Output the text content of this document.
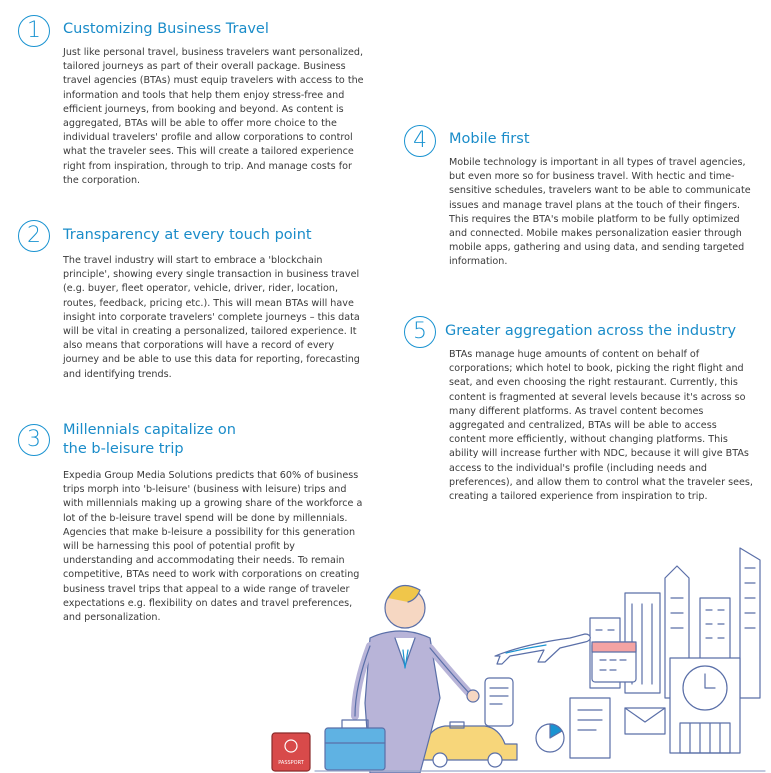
1	Customizing Business Travel
Just like personal travel, business travelers want personalized, tailored journeys as part of their overall package. Business travel agencies (BTAs) must equip travelers with access to the information and tools that help them enjoy stress-free and efficient journeys, from booking and beyond. As content is aggregated, BTAs will be able to offer more choice to the individual travelers' profile and allow corporations to control what the traveler sees. This will create a tailored experience right from inspiration, through to trip. And manage costs for the corporation.
2	Transparency at every touch point
The travel industry will start to embrace a 'blockchain principle', showing every single transaction in business travel (e.g. buyer, fleet operator, vehicle, driver, rider, location, routes, feedback, pricing etc.). This will mean BTAs will have insight into corporate travelers' complete journeys – this data will be vital in creating a personalized, tailored experience. It also means that corporations will have a record of every journey and be able to use this data for reporting, forecasting and identifying trends.
3	Millennials capitalize on the b-leisure trip
Expedia Group Media Solutions predicts that 60% of business trips morph into 'b-leisure' (business with leisure) trips and with millennials making up a growing share of the workforce a lot of the b-leisure travel spend will be done by millennials. Agencies that make b-leisure a possibility for this generation will be harnessing this pool of potential profit by understanding and accommodating their needs. To remain competitive, BTAs need to work with corporations on creating business travel trips that appeal to a wide range of traveler expectations e.g. flexibility on dates and travel preferences, and personalization.
4	Mobile first
Mobile technology is important in all types of travel agencies, but even more so for business travel. With hectic and time-sensitive schedules, travelers want to be able to communicate issues and manage travel plans at the touch of their fingers. This requires the BTA's mobile platform to be fully optimized and connected. Mobile makes personalization easier through mobile apps, gathering and using data, and sending targeted information.
5	Greater aggregation across the industry
BTAs manage huge amounts of content on behalf of corporations; which hotel to book, picking the right flight and seat, and even choosing the right restaurant. Currently, this content is fragmented at several levels because it's across so many different platforms. As travel content becomes aggregated and centralized, BTAs will be able to access content more efficiently, without changing platforms. This ability will increase further with NDC, because it will give BTAs access to the individual's profile (including needs and preferences), and allow them to control what the traveler sees, creating a tailored experience from inspiration to trip.
PASSPORT
